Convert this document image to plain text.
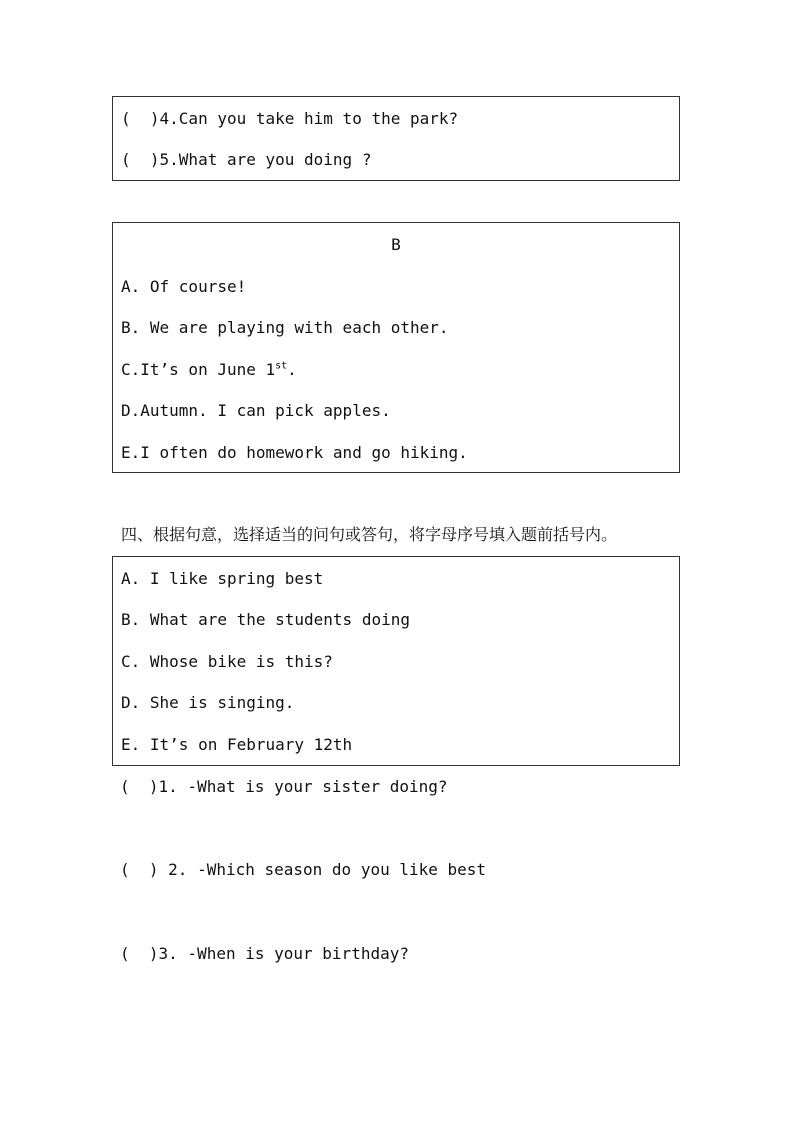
(  )4.Can you take him to the park?
(  )5.What are you doing ?
B
A. Of course!
B. We are playing with each other.
C.It’s on June 1st.
D.Autumn. I can pick apples.
E.I often do homework and go hiking.
四、根据句意，选择适当的问句或答句，将字母序号填入题前括号内。
A. I like spring best
B. What are the students doing
C. Whose bike is this?
D. She is singing.
E. It’s on February 12th
(  )1. -What is your sister doing?
(  ) 2. -Which season do you like best
(  )3. -When is your birthday?
